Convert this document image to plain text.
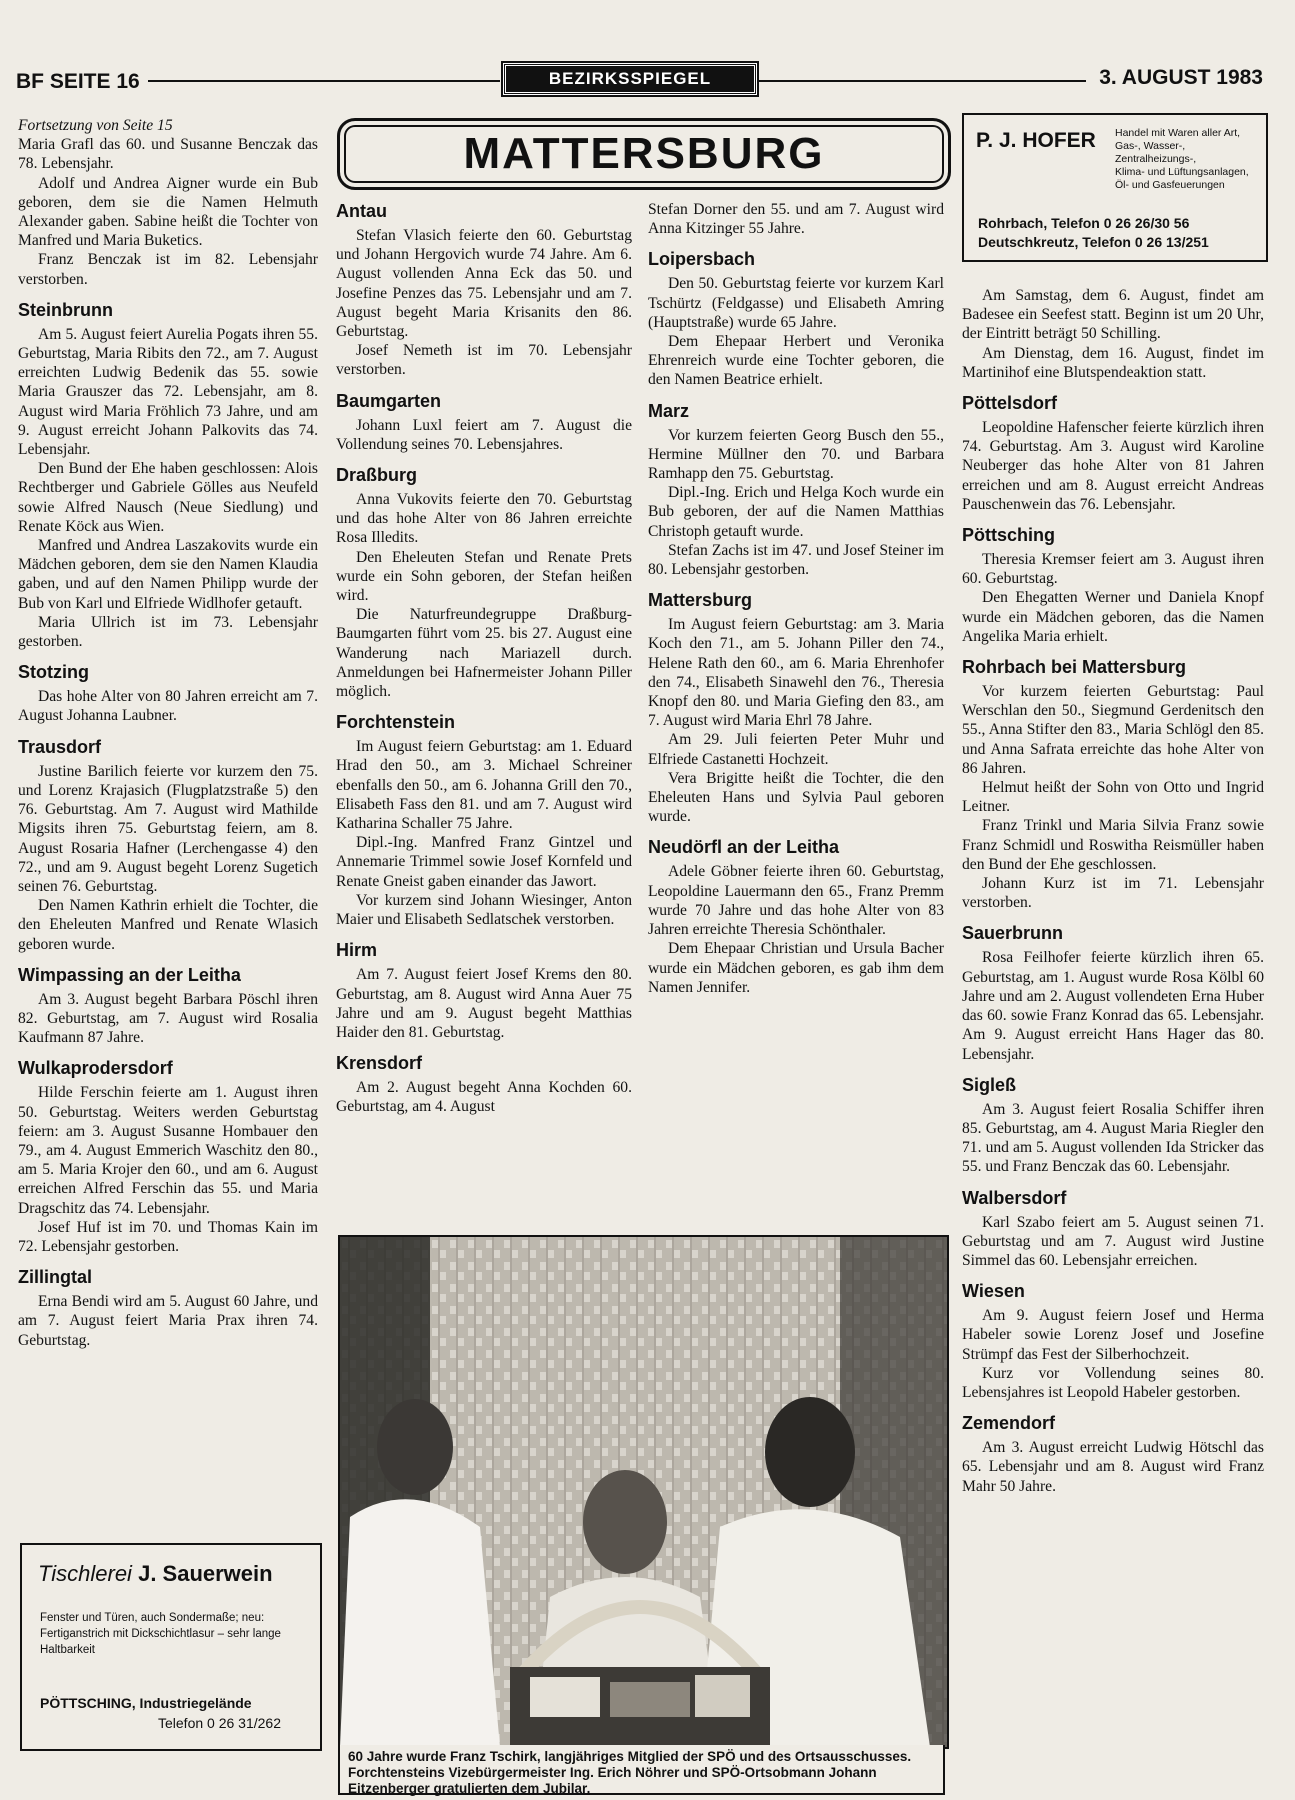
BF SEITE 16	BEZIRKSSPIEGEL	3. AUGUST 1983
MATTERSBURG	P. J. HOFER Handel mit Waren aller Art,
Gas-, Wasser-, Zentralheizungs-,
Klima- und Lüftungsanlagen,
Öl- und Gasfeuerungen
Rohrbach, Telefon 0 26 26/30 56
Deutschkreutz, Telefon 0 26 13/251

Fortsetzung von Seite 15

Maria Grafl das 60. und Susanne Benczak das 78. Lebensjahr.

Adolf und Andrea Aigner wurde ein Bub geboren, dem sie die Namen Helmuth Alexander gaben. Sabine heißt die Tochter von Manfred und Maria Buketics.

Franz Benczak ist im 82. Lebensjahr verstorben.

Steinbrunn

Am 5. August feiert Aurelia Pogats ihren 55. Geburtstag, Maria Ribits den 72., am 7. August erreichten Ludwig Bedenik das 55. sowie Maria Grauszer das 72. Lebensjahr, am 8. August wird Maria Fröhlich 73 Jahre, und am 9. August erreicht Johann Palkovits das 74. Lebensjahr.

Den Bund der Ehe haben geschlossen: Alois Rechtberger und Gabriele Gölles aus Neufeld sowie Alfred Nausch (Neue Siedlung) und Renate Köck aus Wien.

Manfred und Andrea Laszakovits wurde ein Mädchen geboren, dem sie den Namen Klaudia gaben, und auf den Namen Philipp wurde der Bub von Karl und Elfriede Widlhofer getauft.

Maria Ullrich ist im 73. Lebensjahr gestorben.

Stotzing

Das hohe Alter von 80 Jahren erreicht am 7. August Johanna Laubner.

Trausdorf

Justine Barilich feierte vor kurzem den 75. und Lorenz Krajasich (Flugplatzstraße 5) den 76. Geburtstag. Am 7. August wird Mathilde Migsits ihren 75. Geburtstag feiern, am 8. August Rosaria Hafner (Lerchengasse 4) den 72., und am 9. August begeht Lorenz Sugetich seinen 76. Geburtstag.

Den Namen Kathrin erhielt die Tochter, die den Eheleuten Manfred und Renate Wlasich geboren wurde.

Wimpassing an der Leitha

Am 3. August begeht Barbara Pöschl ihren 82. Geburtstag, am 7. August wird Rosalia Kaufmann 87 Jahre.

Wulkaprodersdorf

Hilde Ferschin feierte am 1. August ihren 50. Geburtstag. Weiters werden Geburtstag feiern: am 3. August Susanne Hombauer den 79., am 4. August Emmerich Waschitz den 80., am 5. Maria Krojer den 60., und am 6. August erreichen Alfred Ferschin das 55. und Maria Dragschitz das 74. Lebensjahr.

Josef Huf ist im 70. und Thomas Kain im 72. Lebensjahr gestorben.

Zillingtal

Erna Bendi wird am 5. August 60 Jahre, und am 7. August feiert Maria Prax ihren 74. Geburtstag.

Tischlerei J. Sauerwein
Fenster und Türen, auch Sondermaße; neu: Fertiganstrich mit Dickschichtlasur – sehr lange Haltbarkeit
PÖTTSCHING, Industriegelände
Telefon 0 26 31/262
Antau

Stefan Vlasich feierte den 60. Geburtstag und Johann Hergovich wurde 74 Jahre. Am 6. August vollenden Anna Eck das 50. und Josefine Penzes das 75. Lebensjahr und am 7. August begeht Maria Krisanits den 86. Geburtstag.

Josef Nemeth ist im 70. Lebensjahr verstorben.

Baumgarten

Johann Luxl feiert am 7. August die Vollendung seines 70. Lebensjahres.

Draßburg

Anna Vukovits feierte den 70. Geburtstag und das hohe Alter von 86 Jahren erreichte Rosa Illedits.

Den Eheleuten Stefan und Renate Prets wurde ein Sohn geboren, der Stefan heißen wird.

Die Naturfreundegruppe Draßburg-Baumgarten führt vom 25. bis 27. August eine Wanderung nach Mariazell durch. Anmeldungen bei Hafnermeister Johann Piller möglich.

Forchtenstein

Im August feiern Geburtstag: am 1. Eduard Hrad den 50., am 3. Michael Schreiner ebenfalls den 50., am 6. Johanna Grill den 70., Elisabeth Fass den 81. und am 7. August wird Katharina Schaller 75 Jahre.

Dipl.-Ing. Manfred Franz Gintzel und Annemarie Trimmel sowie Josef Kornfeld und Renate Gneist gaben einander das Jawort.

Vor kurzem sind Johann Wiesinger, Anton Maier und Elisabeth Sedlatschek verstorben.

Hirm

Am 7. August feiert Josef Krems den 80. Geburtstag, am 8. August wird Anna Auer 75 Jahre und am 9. August begeht Matthias Haider den 81. Geburtstag.

Krensdorf

Am 2. August begeht Anna Kochden 60. Geburtstag, am 4. August

Stefan Dorner den 55. und am 7. August wird Anna Kitzinger 55 Jahre.

Loipersbach

Den 50. Geburtstag feierte vor kurzem Karl Tschürtz (Feldgasse) und Elisabeth Amring (Hauptstraße) wurde 65 Jahre.

Dem Ehepaar Herbert und Veronika Ehrenreich wurde eine Tochter geboren, die den Namen Beatrice erhielt.

Marz

Vor kurzem feierten Georg Busch den 55., Hermine Müllner den 70. und Barbara Ramhapp den 75. Geburtstag.

Dipl.-Ing. Erich und Helga Koch wurde ein Bub geboren, der auf die Namen Matthias Christoph getauft wurde.

Stefan Zachs ist im 47. und Josef Steiner im 80. Lebensjahr gestorben.

Mattersburg

Im August feiern Geburtstag: am 3. Maria Koch den 71., am 5. Johann Piller den 74., Helene Rath den 60., am 6. Maria Ehrenhofer den 74., Elisabeth Sinawehl den 76., Theresia Knopf den 80. und Maria Giefing den 83., am 7. August wird Maria Ehrl 78 Jahre.

Am 29. Juli feierten Peter Muhr und Elfriede Castanetti Hochzeit.

Vera Brigitte heißt die Tochter, die den Eheleuten Hans und Sylvia Paul geboren wurde.

Neudörfl an der Leitha

Adele Göbner feierte ihren 60. Geburtstag, Leopoldine Lauermann den 65., Franz Premm wurde 70 Jahre und das hohe Alter von 83 Jahren erreichte Theresia Schönthaler.

Dem Ehepaar Christian und Ursula Bacher wurde ein Mädchen geboren, es gab ihm dem Namen Jennifer.

Am Samstag, dem 6. August, findet am Badesee ein Seefest statt. Beginn ist um 20 Uhr, der Eintritt beträgt 50 Schilling.

Am Dienstag, dem 16. August, findet im Martinihof eine Blutspendeaktion statt.

Pöttelsdorf

Leopoldine Hafenscher feierte kürzlich ihren 74. Geburtstag. Am 3. August wird Karoline Neuberger das hohe Alter von 81 Jahren erreichen und am 8. August erreicht Andreas Pauschenwein das 76. Lebensjahr.

Pöttsching

Theresia Kremser feiert am 3. August ihren 60. Geburtstag.

Den Ehegatten Werner und Daniela Knopf wurde ein Mädchen geboren, das die Namen Angelika Maria erhielt.

Rohrbach bei Mattersburg

Vor kurzem feierten Geburtstag: Paul Werschlan den 50., Siegmund Gerdenitsch den 55., Anna Stifter den 83., Maria Schlögl den 85. und Anna Safrata erreichte das hohe Alter von 86 Jahren.

Helmut heißt der Sohn von Otto und Ingrid Leitner.

Franz Trinkl und Maria Silvia Franz sowie Franz Schmidl und Roswitha Reismüller haben den Bund der Ehe geschlossen.

Johann Kurz ist im 71. Lebensjahr verstorben.

Sauerbrunn

Rosa Feilhofer feierte kürzlich ihren 65. Geburtstag, am 1. August wurde Rosa Kölbl 60 Jahre und am 2. August vollendeten Erna Huber das 60. sowie Franz Konrad das 65. Lebensjahr. Am 9. August erreicht Hans Hager das 80. Lebensjahr.

Sigleß

Am 3. August feiert Rosalia Schiffer ihren 85. Geburtstag, am 4. August Maria Riegler den 71. und am 5. August vollenden Ida Stricker das 55. und Franz Benczak das 60. Lebensjahr.

Walbersdorf

Karl Szabo feiert am 5. August seinen 71. Geburtstag und am 7. August wird Justine Simmel das 60. Lebensjahr erreichen.

Wiesen

Am 9. August feiern Josef und Herma Habeler sowie Lorenz Josef und Josefine Strümpf das Fest der Silberhochzeit.

Kurz vor Vollendung seines 80. Lebensjahres ist Leopold Habeler gestorben.

Zemendorf

Am 3. August erreicht Ludwig Hötschl das 65. Lebensjahr und am 8. August wird Franz Mahr 50 Jahre.

60 Jahre wurde Franz Tschirk, langjähriges Mitglied der SPÖ und des Ortsausschusses. Forchtensteins Vizebürgermeister Ing. Erich Nöhrer und SPÖ-Ortsobmann Johann Eitzenberger gratulierten dem Jubilar.
